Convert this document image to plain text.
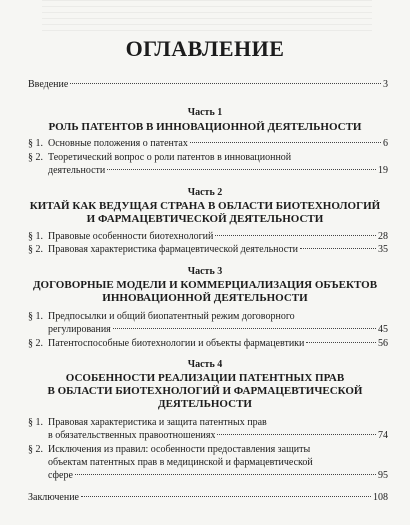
ОГЛАВЛЕНИЕ
Введение	3
Часть 1
РОЛЬ ПАТЕНТОВ В ИННОВАЦИОННОЙ ДЕЯТЕЛЬНОСТИ
§ 1. Основные положения о патентах	6
§ 2. Теоретический вопрос о роли патентов в инновационной
деятельности	19
Часть 2
КИТАЙ КАК ВЕДУЩАЯ СТРАНА В ОБЛАСТИ БИОТЕХНОЛОГИЙ
И ФАРМАЦЕВТИЧЕСКОЙ ДЕЯТЕЛЬНОСТИ
§ 1. Правовые особенности биотехнологий	28
§ 2. Правовая характеристика фармацевтической деятельности	35
Часть 3
ДОГОВОРНЫЕ МОДЕЛИ И КОММЕРЦИАЛИЗАЦИЯ ОБЪЕКТОВ
ИННОВАЦИОННОЙ ДЕЯТЕЛЬНОСТИ
§ 1. Предпосылки и общий биопатентный режим договорного
регулирования	45
§ 2. Патентоспособные биотехнологии и объекты фармацевтики	56
Часть 4
ОСОБЕННОСТИ РЕАЛИЗАЦИИ ПАТЕНТНЫХ ПРАВ
В ОБЛАСТИ БИОТЕХНОЛОГИЙ И ФАРМАЦЕВТИЧЕСКОЙ
ДЕЯТЕЛЬНОСТИ
§ 1. Правовая характеристика и защита патентных прав
в обязательственных правоотношениях	74
§ 2. Исключения из правил: особенности предоставления защиты
объектам патентных прав в медицинской и фармацевтической
сфере	95
Заключение	108
